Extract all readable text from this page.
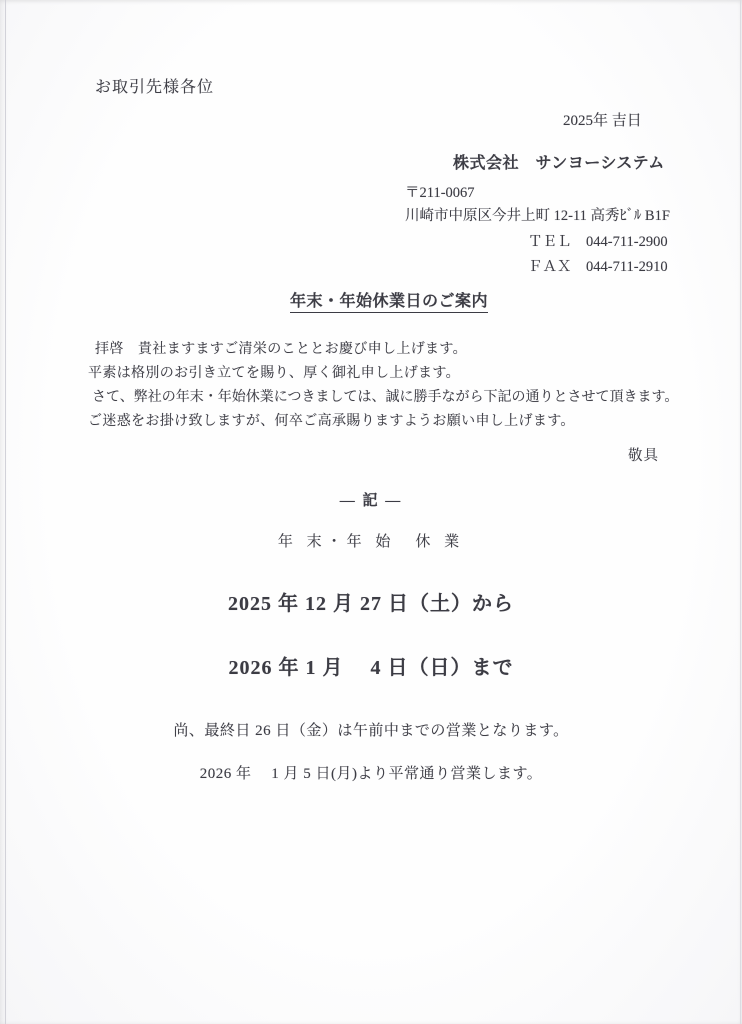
お取引先様各位
2025年 吉日
株式会社　サンヨーシステム
〒211-0067
川崎市中原区今井上町 12-11 高秀ﾋﾞﾙ B1F
ＴＥＬ　044-711-2900
ＦＡＸ　044-711-2910
年末・年始休業日のご案内
拝啓　貴社ますますご清栄のこととお慶び申し上げます。
平素は格別のお引き立てを賜り、厚く御礼申し上げます。
さて、弊社の年末・年始休業につきましては、誠に勝手ながら下記の通りとさせて頂きます。
ご迷惑をお掛け致しますが、何卒ご高承賜りますようお願い申し上げます。
敬具
― 記 ―
年 末・年 始　休 業
2025 年 12 月 27 日（土）から
2026 年 1 月　 4 日（日）まで
尚、最終日 26 日（金）は午前中までの営業となります。
2026 年　 1 月 5 日(月)より平常通り営業します。
